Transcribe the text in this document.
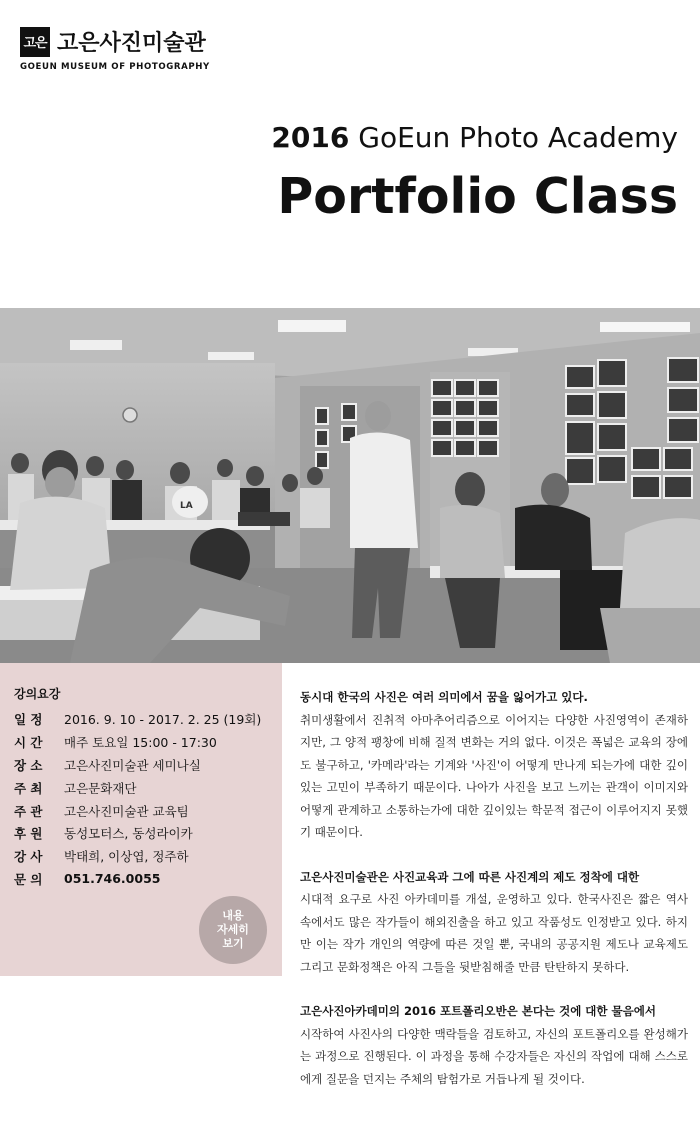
고은 고은사진미술관
GOEUN MUSEUM OF PHOTOGRAPHY
2016 GoEun Photo Academy
Portfolio Class
LA
강의요강
일 정	2016. 9. 10 - 2017. 2. 25 (19회)
시 간	매주 토요일 15:00 - 17:30
장 소	고은사진미술관 세미나실
주 최	고은문화재단
주 관	고은사진미술관 교육팀
후 원	동성모터스, 동성라이카
강 사	박태희, 이상엽, 정주하
문 의	051.746.0055
내용
자세히
보기

동시대 한국의 사진은 여러 의미에서 꿈을 잃어가고 있다.
취미생활에서 진취적 아마추어리즘으로 이어지는 다양한 사진영역이 존재하지만, 그 양적 팽창에 비해 질적 변화는 거의 없다. 이것은 폭넓은 교육의 장에도 불구하고, '카메라'라는 기계와 '사진'이 어떻게 만나게 되는가에 대한 깊이있는 고민이 부족하기 때문이다. 나아가 사진을 보고 느끼는 관객이 이미지와 어떻게 관계하고 소통하는가에 대한 깊이있는 학문적 접근이 이루어지지 못했기 때문이다.

고은사진미술관은 사진교육과 그에 따른 사진계의 제도 정착에 대한
시대적 요구로 사진 아카데미를 개설, 운영하고 있다. 한국사진은 짧은 역사 속에서도 많은 작가들이 해외진출을 하고 있고 작품성도 인정받고 있다. 하지만 이는 작가 개인의 역량에 따른 것일 뿐, 국내의 공공지원 제도나 교육제도 그리고 문화정책은 아직 그들을 뒷받침해줄 만큼 탄탄하지 못하다.

고은사진아카데미의 2016 포트폴리오반은 본다는 것에 대한 물음에서
시작하여 사진사의 다양한 맥락들을 검토하고, 자신의 포트폴리오를 완성해가는 과정으로 진행된다. 이 과정을 통해 수강자들은 자신의 작업에 대해 스스로에게 질문을 던지는 주체의 탐험가로 거듭나게 될 것이다.
